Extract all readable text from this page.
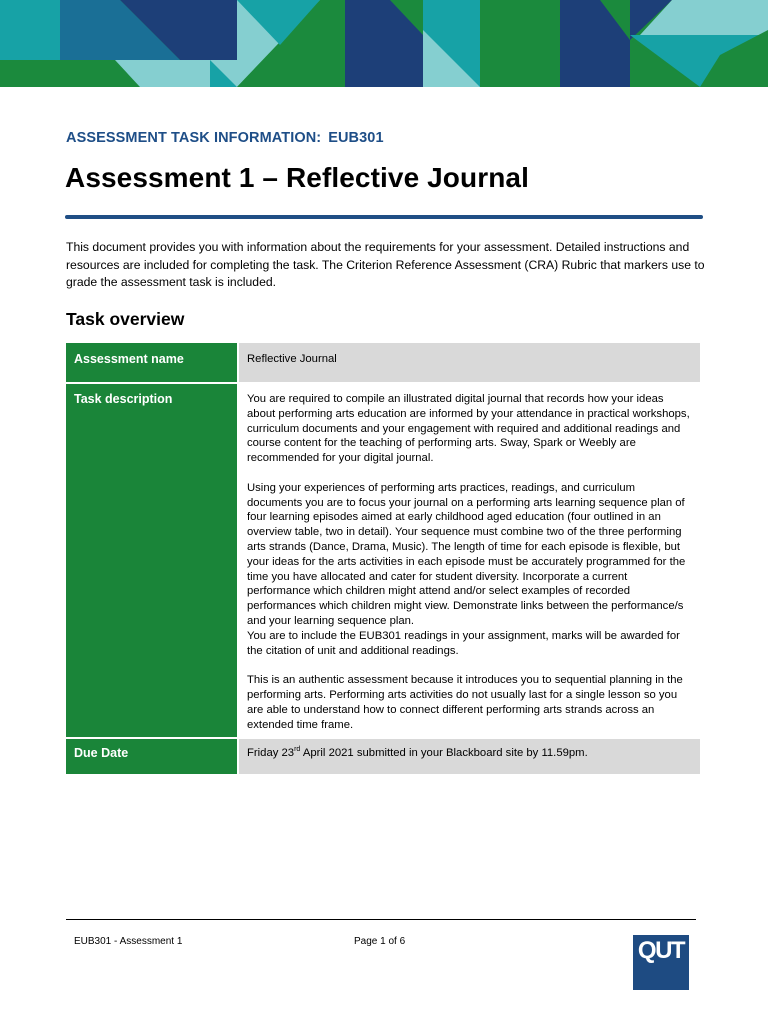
ASSESSMENT TASK INFORMATION: EUB301
Assessment 1 – Reflective Journal

This document provides you with information about the requirements for your assessment. Detailed instructions and resources are included for completing the task. The Criterion Reference Assessment (CRA) Rubric that markers use to grade the assessment task is included.

Task overview
Assessment name	Reflective Journal
Task description	You are required to compile an illustrated digital journal that records how your ideas about performing arts education are informed by your attendance in practical workshops, curriculum documents and your engagement with required and additional readings and course content for the teaching of performing arts. Sway, Spark or Weebly are recommended for your digital journal.

Using your experiences of performing arts practices, readings, and curriculum documents you are to focus your journal on a performing arts learning sequence plan of four learning episodes aimed at early childhood aged education (four outlined in an overview table, two in detail). Your sequence must combine two of the three performing arts strands (Dance, Drama, Music). The length of time for each episode is flexible, but your ideas for the arts activities in each episode must be accurately programmed for the time you have allocated and cater for student diversity. Incorporate a current performance which children might attend and/or select examples of recorded performances which children might view. Demonstrate links between the performance/s and your learning sequence plan.

You are to include the EUB301 readings in your assignment, marks will be awarded for the citation of unit and additional readings.

This is an authentic assessment because it introduces you to sequential planning in the performing arts. Performing arts activities do not usually last for a single lesson so you are able to understand how to connect different performing arts strands across an extended time frame.

Due Date	Friday 23rd April 2021 submitted in your Blackboard site by 11.59pm.
EUB301 - Assessment 1	Page 1 of 6	QUT
